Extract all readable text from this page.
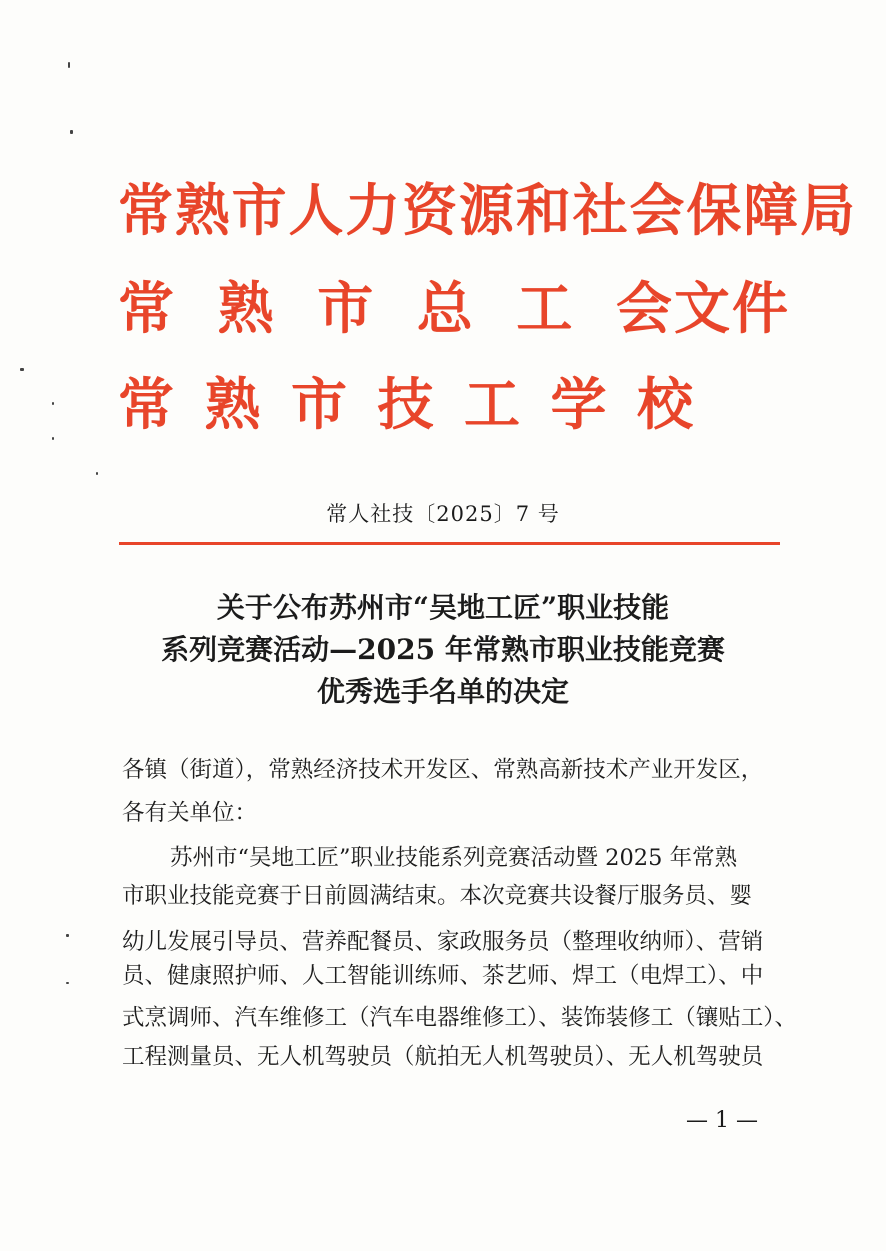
常熟市人力资源和社会保障局
常 熟 市 总 工 会文件
常 熟 市 技 工 学 校
常人社技〔2025〕7 号
关于公布苏州市“吴地工匠”职业技能
系列竞赛活动—2025 年常熟市职业技能竞赛
优秀选手名单的决定
各镇（街道），常熟经济技术开发区、常熟高新技术产业开发区，
各有关单位：
苏州市“吴地工匠”职业技能系列竞赛活动暨 2025 年常熟
市职业技能竞赛于日前圆满结束。本次竞赛共设餐厅服务员、婴
幼儿发展引导员、营养配餐员、家政服务员（整理收纳师）、营销
员、健康照护师、人工智能训练师、茶艺师、焊工（电焊工）、中
式烹调师、汽车维修工（汽车电器维修工）、装饰装修工（镶贴工）、
工程测量员、无人机驾驶员（航拍无人机驾驶员）、无人机驾驶员
— 1 —
